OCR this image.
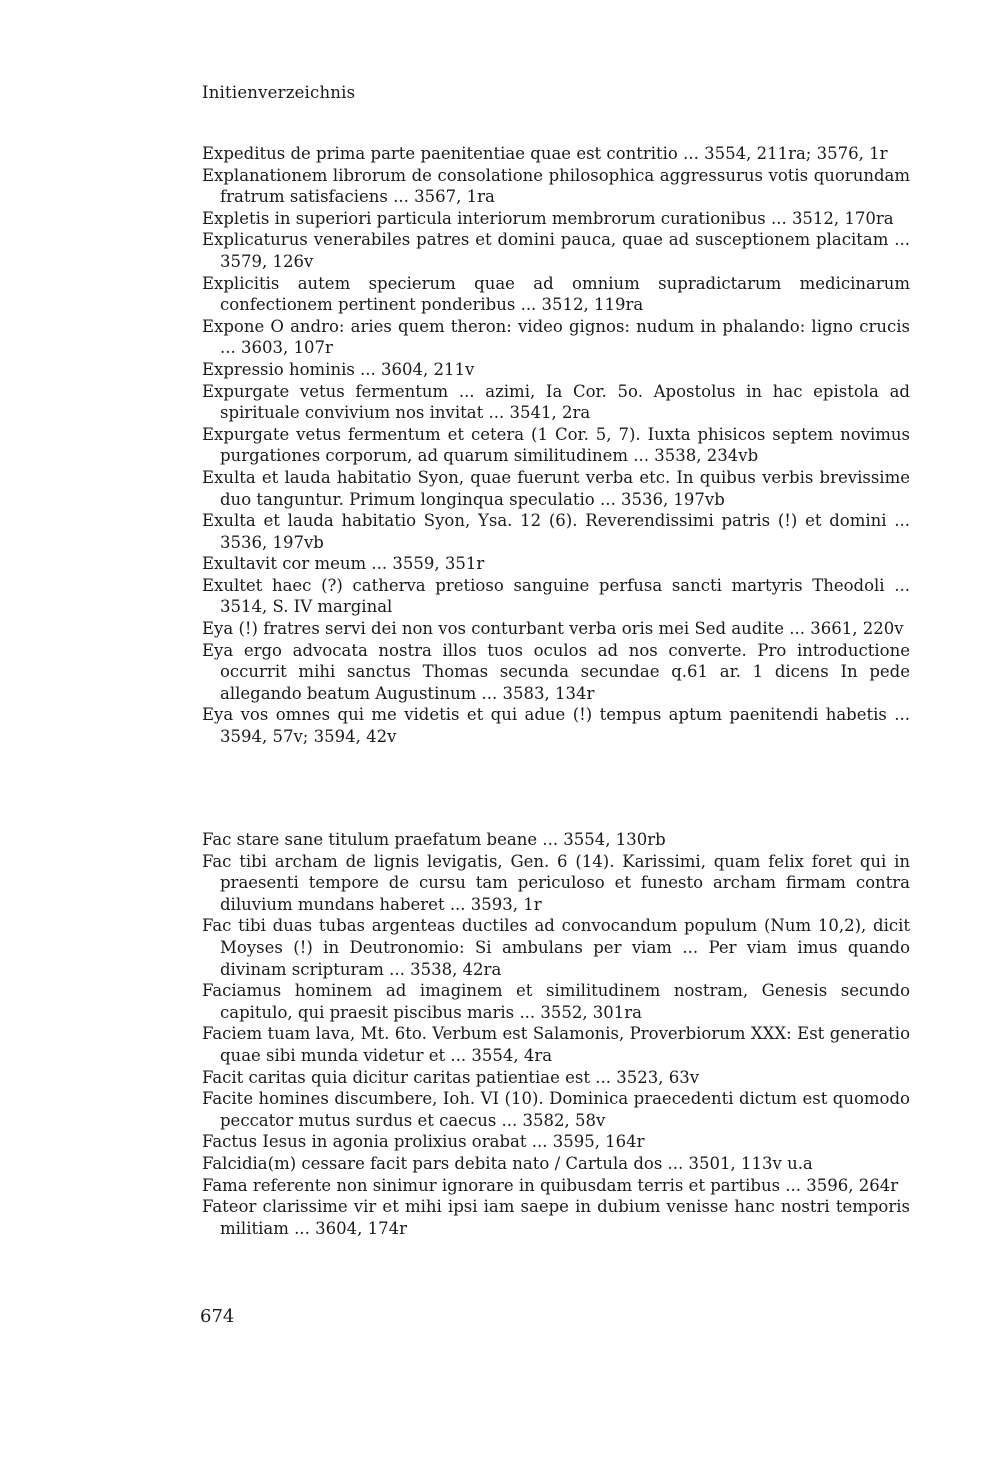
Initienverzeichnis
Expeditus de prima parte paenitentiae quae est contritio ... 3554, 211ra; 3576, 1r
Explanationem librorum de consolatione philosophica aggressurus votis quorundam fratrum satisfaciens ... 3567, 1ra
Expletis in superiori particula interiorum membrorum curationibus ... 3512, 170ra
Explicaturus venerabiles patres et domini pauca, quae ad susceptionem placitam ... 3579, 126v
Explicitis autem specierum quae ad omnium supradictarum medicinarum confectionem pertinent ponderibus ... 3512, 119ra
Expone O andro: aries quem theron: video gignos: nudum in phalando: ligno crucis ... 3603, 107r
Expressio hominis ... 3604, 211v
Expurgate vetus fermentum ... azimi, Ia Cor. 5o. Apostolus in hac epistola ad spirituale convivium nos invitat ... 3541, 2ra
Expurgate vetus fermentum et cetera (1 Cor. 5, 7). Iuxta phisicos septem novimus purgationes corporum, ad quarum similitudinem ... 3538, 234vb
Exulta et lauda habitatio Syon, quae fuerunt verba etc. In quibus verbis brevissime duo tanguntur. Primum longinqua speculatio ... 3536, 197vb
Exulta et lauda habitatio Syon, Ysa. 12 (6). Reverendissimi patris (!) et domini ... 3536, 197vb
Exultavit cor meum ... 3559, 351r
Exultet haec (?) catherva pretioso sanguine perfusa sancti martyris Theodoli ... 3514, S. IV marginal
Eya (!) fratres servi dei non vos conturbant verba oris mei Sed audite ... 3661, 220v
Eya ergo advocata nostra illos tuos oculos ad nos converte. Pro introductione occurrit mihi sanctus Thomas secunda secundae q.61 ar. 1 dicens In pede allegando beatum Augustinum ... 3583, 134r
Eya vos omnes qui me videtis et qui adue (!) tempus aptum paenitendi habetis ... 3594, 57v; 3594, 42v
Fac stare sane titulum praefatum beane ... 3554, 130rb
Fac tibi archam de lignis levigatis, Gen. 6 (14). Karissimi, quam felix foret qui in praesenti tempore de cursu tam periculoso et funesto archam firmam contra diluvium mundans haberet ... 3593, 1r
Fac tibi duas tubas argenteas ductiles ad convocandum populum (Num 10,2), dicit Moyses (!) in Deutronomio: Si ambulans per viam ... Per viam imus quando divinam scripturam ... 3538, 42ra
Faciamus hominem ad imaginem et similitudinem nostram, Genesis secundo capitulo, qui praesit piscibus maris ... 3552, 301ra
Faciem tuam lava, Mt. 6to. Verbum est Salamonis, Proverbiorum XXX: Est generatio quae sibi munda videtur et ... 3554, 4ra
Facit caritas quia dicitur caritas patientiae est ... 3523, 63v
Facite homines discumbere, Ioh. VI (10). Dominica praecedenti dictum est quomodo peccator mutus surdus et caecus ... 3582, 58v
Factus Iesus in agonia prolixius orabat ... 3595, 164r
Falcidia(m) cessare facit pars debita nato / Cartula dos ... 3501, 113v u.a
Fama referente non sinimur ignorare in quibusdam terris et partibus ... 3596, 264r
Fateor clarissime vir et mihi ipsi iam saepe in dubium venisse hanc nostri temporis militiam ... 3604, 174r
674
